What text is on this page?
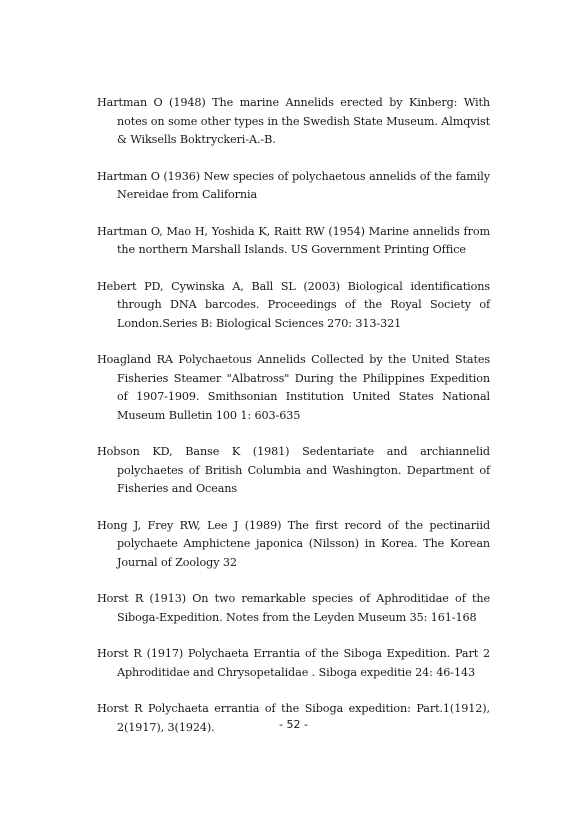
Hartman O (1948) The marine Annelids erected by Kinberg: With notes on some other types in the Swedish State Museum. Almqvist & Wiksells Boktryckeri-A.-B.
Hartman O (1936) New species of polychaetous annelids of the family Nereidae from California
Hartman O, Mao H, Yoshida K, Raitt RW (1954) Marine annelids from the northern Marshall Islands. US Government Printing Office
Hebert PD, Cywinska A, Ball SL (2003) Biological identifications through DNA barcodes. Proceedings of the Royal Society of London.Series B: Biological Sciences 270: 313-321
Hoagland RA Polychaetous Annelids Collected by the United States Fisheries Steamer "Albatross" During the Philippines Expedition of 1907-1909. Smithsonian Institution United States National Museum Bulletin 100 1: 603-635
Hobson KD, Banse K (1981) Sedentariate and archiannelid polychaetes of British Columbia and Washington. Department of Fisheries and Oceans
Hong J, Frey RW, Lee J (1989) The first record of the pectinariid polychaete Amphictene japonica (Nilsson) in Korea. The Korean Journal of Zoology 32
Horst R (1913) On two remarkable species of Aphroditidae of the Siboga-Expedition. Notes from the Leyden Museum 35: 161-168
Horst R (1917) Polychaeta Errantia of the Siboga Expedition. Part 2 Aphroditidae and Chrysopetalidae . Siboga expeditie 24: 46-143
Horst R Polychaeta errantia of the Siboga expedition: Part.1(1912), 2(1917), 3(1924).	- 52 -
